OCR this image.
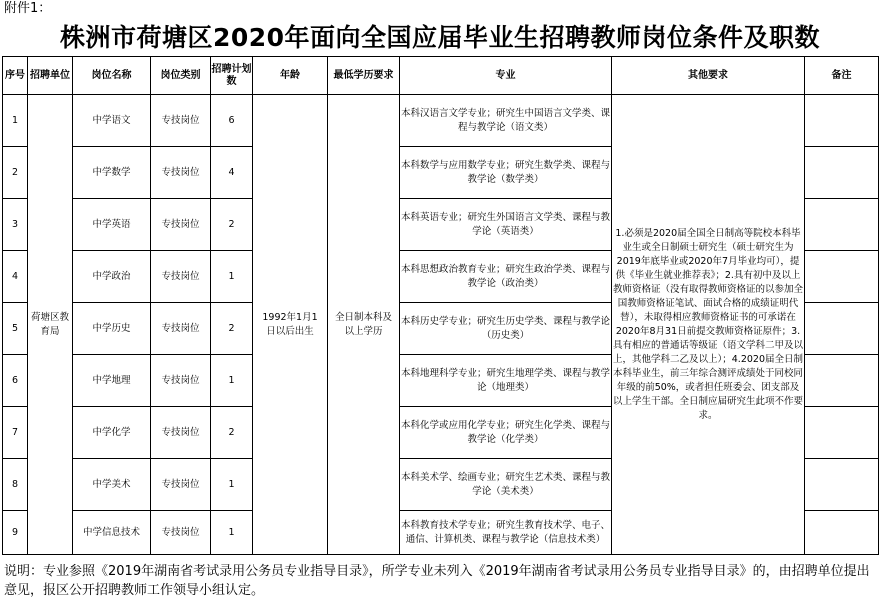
附件1：
株洲市荷塘区2020年面向全国应届毕业生招聘教师岗位条件及职数
序号	招聘单位	岗位名称	岗位类别	招聘计划数	年龄	最低学历要求	专业	其他要求	备注
1	荷塘区教育局	中学语文	专技岗位	6	1992年1月1日以后出生	全日制本科及以上学历	本科汉语言文学专业；研究生中国语言文学类、课程与教学论（语文类）	1.必须是2020届全国全日制高等院校本科毕业生或全日制硕士研究生（硕士研究生为2019年底毕业或2020年7月毕业均可），提供《毕业生就业推荐表》；2.具有初中及以上教师资格证（没有取得教师资格证的以参加全国教师资格证笔试、面试合格的成绩证明代替），未取得相应教师资格证书的可承诺在2020年8月31日前提交教师资格证原件；3.具有相应的普通话等级证（语文学科二甲及以上，其他学科二乙及以上）；4.2020届全日制本科毕业生，前三年综合测评成绩处于同校同年级的前50%，或者担任班委会、团支部及以上学生干部。全日制应届研究生此项不作要求。	
2		中学数学	专技岗位	4			本科数学与应用数学专业；研究生数学类、课程与教学论（数学类）		
3		中学英语	专技岗位	2			本科英语专业；研究生外国语言文学类、课程与教学论（英语类）		
4		中学政治	专技岗位	1			本科思想政治教育专业；研究生政治学类、课程与教学论（政治类）		
5		中学历史	专技岗位	2			本科历史学专业；研究生历史学类、课程与教学论（历史类）		
6		中学地理	专技岗位	1			本科地理科学专业；研究生地理学类、课程与教学论（地理类）		
7		中学化学	专技岗位	2			本科化学或应用化学专业；研究生化学类、课程与教学论（化学类）		
8		中学美术	专技岗位	1			本科美术学、绘画专业；研究生艺术类、课程与教学论（美术类）		
9		中学信息技术	专技岗位	1			本科教育技术学专业；研究生教育技术学、电子、通信、计算机类、课程与教学论（信息技术类）		
说明：专业参照《2019年湖南省考试录用公务员专业指导目录》，所学专业未列入《2019年湖南省考试录用公务员专业指导目录》的，由招聘单位提出意见，报区公开招聘教师工作领导小组认定。
